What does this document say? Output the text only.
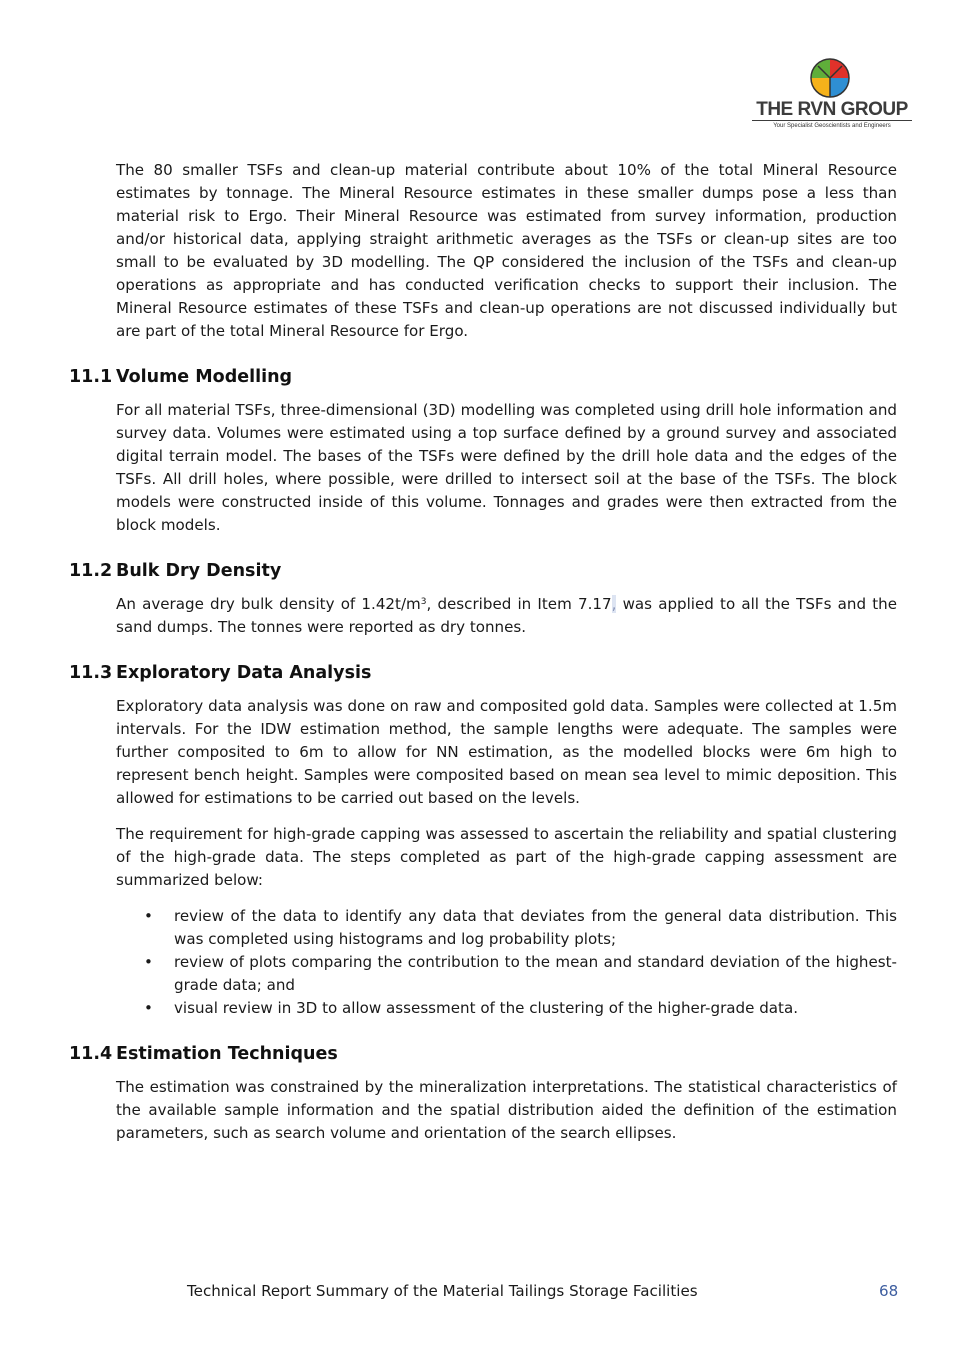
THE RVN GROUP
Your Specialist Geoscientists and Engineers

The 80 smaller TSFs and clean-up material contribute about 10% of the total Mineral Resource estimates by tonnage. The Mineral Resource estimates in these smaller dumps pose a less than material risk to Ergo. Their Mineral Resource was estimated from survey information, production and/or historical data, applying straight arithmetic averages as the TSFs or clean-up sites are too small to be evaluated by 3D modelling. The QP considered the inclusion of the TSFs and clean-up operations as appropriate and has conducted verification checks to support their inclusion. The Mineral Resource estimates of these TSFs and clean-up operations are not discussed individually but are part of the total Mineral Resource for Ergo.

11.1 Volume Modelling

For all material TSFs, three-dimensional (3D) modelling was completed using drill hole information and survey data. Volumes were estimated using a top surface defined by a ground survey and associated digital terrain model. The bases of the TSFs were defined by the drill hole data and the edges of the TSFs. All drill holes, where possible, were drilled to intersect soil at the base of the TSFs. The block models were constructed inside of this volume. Tonnages and grades were then extracted from the block models.

11.2 Bulk Dry Density

An average dry bulk density of $1.42t/m^3$, described in Item 7.17, was applied to all the TSFs and the sand dumps. The tonnes were reported as dry tonnes.

11.3 Exploratory Data Analysis

Exploratory data analysis was done on raw and composited gold data. Samples were collected at 1.5m intervals. For the IDW estimation method, the sample lengths were adequate. The samples were further composited to 6m to allow for NN estimation, as the modelled blocks were 6m high to represent bench height. Samples were composited based on mean sea level to mimic deposition. This allowed for estimations to be carried out based on the levels.

The requirement for high-grade capping was assessed to ascertain the reliability and spatial clustering of the high-grade data. The steps completed as part of the high-grade capping assessment are summarized below:

• review of the data to identify any data that deviates from the general data distribution. This was completed using histograms and log probability plots;
• review of plots comparing the contribution to the mean and standard deviation of the highest-grade data; and
• visual review in 3D to allow assessment of the clustering of the higher-grade data.
11.4 Estimation Techniques

The estimation was constrained by the mineralization interpretations. The statistical characteristics of the available sample information and the spatial distribution aided the definition of the estimation parameters, such as search volume and orientation of the search ellipses.

Technical Report Summary of the Material Tailings Storage Facilities	68
